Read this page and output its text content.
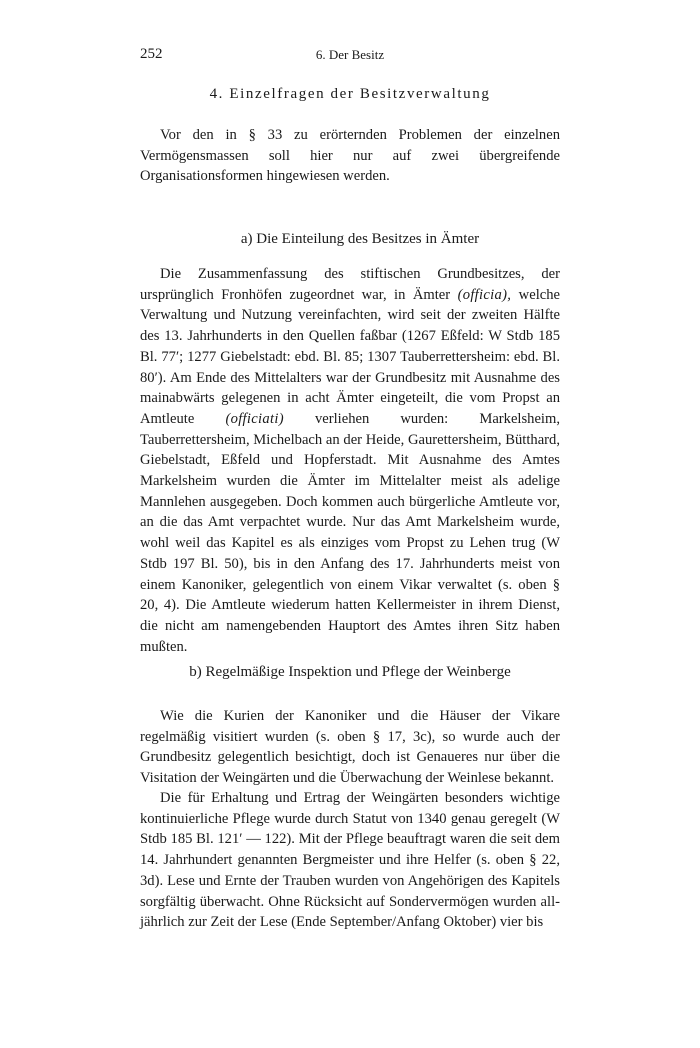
252	6. Der Besitz
4. Einzelfragen der Besitzverwaltung

Vor den in § 33 zu erörternden Problemen der einzelnen Vermögensmassen soll hier nur auf zwei übergreifende Organisationsformen hingewiesen werden.

a) Die Einteilung des Besitzes in Ämter

Die Zusammenfassung des stiftischen Grundbesitzes, der ursprünglich Fronhöfen zugeordnet war, in Ämter (officia), welche Verwaltung und Nutzung vereinfachten, wird seit der zweiten Hälfte des 13. Jahrhunderts in den Quellen faßbar (1267 Eßfeld: W Stdb 185 Bl. 77′; 1277 Giebelstadt: ebd. Bl. 85; 1307 Tauberrettersheim: ebd. Bl. 80′). Am Ende des Mittelalters war der Grundbesitz mit Ausnahme des mainabwärts gelegenen in acht Ämter eingeteilt, die vom Propst an Amtleute (officiati) verliehen wurden: Markelsheim, Tauberrettersheim, Michelbach an der Heide, Gaurettersheim, Bütthard, Giebelstadt, Eßfeld und Hopferstadt. Mit Ausnahme des Amtes Markelsheim wurden die Ämter im Mittelalter meist als adelige Mannlehen ausgegeben. Doch kommen auch bürgerliche Amtleute vor, an die das Amt verpachtet wurde. Nur das Amt Markelsheim wurde, wohl weil das Kapitel es als einziges vom Propst zu Lehen trug (W Stdb 197 Bl. 50), bis in den Anfang des 17. Jahrhunderts meist von einem Kanoniker, gelegentlich von einem Vikar verwaltet (s. oben § 20, 4). Die Amtleute wiederum hatten Kellermeister in ihrem Dienst, die nicht am namengebenden Hauptort des Amtes ihren Sitz haben mußten.

b) Regelmäßige Inspektion und Pflege der Weinberge

Wie die Kurien der Kanoniker und die Häuser der Vikare regelmäßig visitiert wurden (s. oben § 17, 3c), so wurde auch der Grundbesitz gelegentlich besichtigt, doch ist Genaueres nur über die Visitation der Weingärten und die Überwachung der Weinlese bekannt.

Die für Erhaltung und Ertrag der Weingärten besonders wichtige kontinuierliche Pflege wurde durch Statut von 1340 genau geregelt (W Stdb 185 Bl. 121′ — 122). Mit der Pflege beauftragt waren die seit dem 14. Jahrhundert genannten Bergmeister und ihre Helfer (s. oben § 22, 3d). Lese und Ernte der Trauben wurden von Angehörigen des Kapitels sorgfältig überwacht. Ohne Rücksicht auf Sondervermögen wurden alljährlich zur Zeit der Lese (Ende September/Anfang Oktober) vier bis
